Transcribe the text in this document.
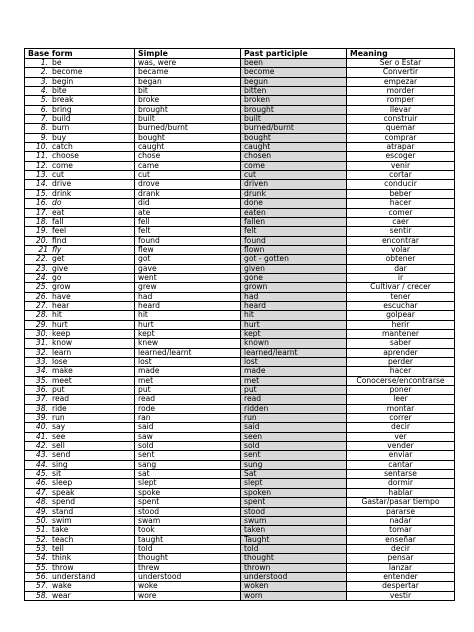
Base form	Simple	Past participle	Meaning
1. be	was, were	been	Ser o Estar
2. become	became	become	Convertir
3. begin	began	begun	empezar
4. bite	bit	bitten	morder
5. break	broke	broken	romper
6. bring	brought	brought	llevar
7. build	built	built	construir
8. burn	burned/burnt	burned/burnt	quemar
9. buy	bought	bought	comprar
10. catch	caught	caught	atrapar
11. choose	chose	chosen	escoger
12. come	came	come	venir
13. cut	cut	cut	cortar
14. drive	drove	driven	conducir
15. drink	drank	drunk	beber
16. do	did	done	hacer
17. eat	ate	eaten	comer
18. fall	fell	fallen	caer
19. feel	felt	felt	sentir
20. find	found	found	encontrar
21 fly	flew	flown	volar
22. get	got	got - gotten	obtener
23. give	gave	given	dar
24. go	went	gone	ir
25. grow	grew	grown	Cultivar / crecer
26. have	had	had	tener
27. hear	heard	heard	escuchar
28. hit	hit	hit	golpear
29. hurt	hurt	hurt	herir
30. keep	kept	kept	mantener
31. know	knew	known	saber
32. learn	learned/learnt	learned/learnt	aprender
33. lose	lost	lost	perder
34. make	made	made	hacer
35. meet	met	met	Conocerse/encontrarse
36. put	put	put	poner
37. read	read	read	leer
38. ride	rode	ridden	montar
39. run	ran	run	correr
40. say	said	said	decir
41. see	saw	seen	ver
42. sell	sold	sold	vender
43. send	sent	sent	enviar
44. sing	sang	sung	cantar
45. sit	sat	Sat	sentarse
46. sleep	slept	slept	dormir
47. speak	spoke	spoken	hablar
48. spend	spent	spent	Gastar/pasar tiempo
49. stand	stood	stood	pararse
50. swim	swam	swum	nadar
51. take	took	taken	tomar
52. teach	taught	Taught	enseñar
53. tell	told	told	decir
54. think	thought	thought	pensar
55. throw	threw	thrown	lanzar
56. understand	understood	understood	entender
57. wake	woke	woken	despertar
58. wear	wore	worn	vestir
